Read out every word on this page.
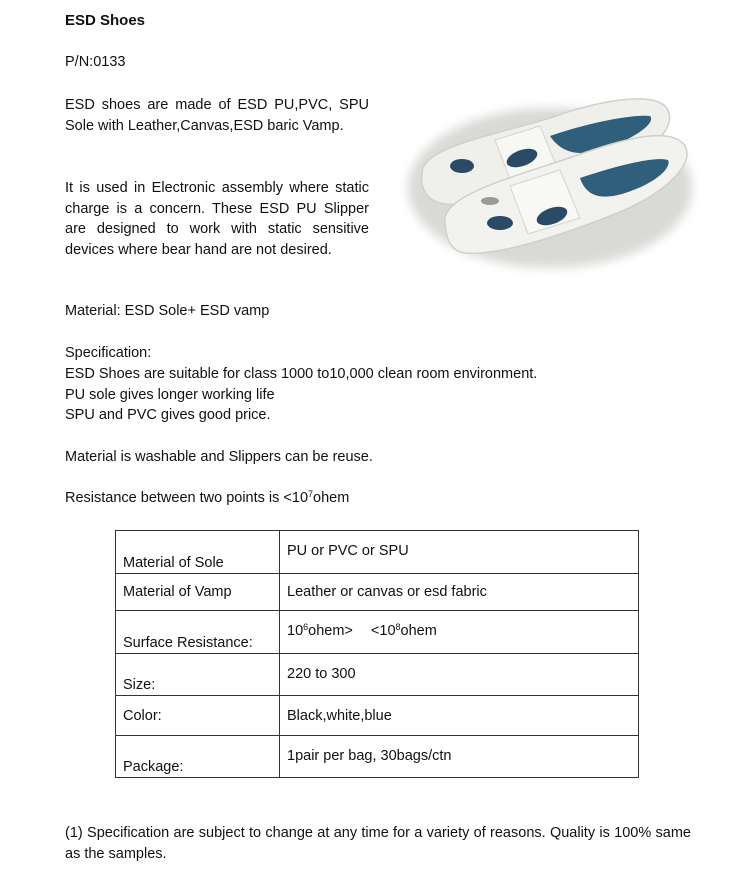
ESD Shoes
P/N:0133
ESD shoes are made of ESD PU,PVC, SPU Sole with Leather,Canvas,ESD baric Vamp.
It is used in Electronic assembly where static charge is a concern. These ESD PU Slipper are designed to work with static sensitive devices where bear hand are not desired.
Material: ESD Sole+ ESD vamp
Specification:
ESD Shoes are suitable for class 1000 to10,000 clean room environment.
PU sole gives longer working life
SPU and PVC gives good price.
Material is washable and Slippers can be reuse.
Resistance between two points is $<10^7ohem$
Material of Sole	PU or PVC or SPU
Material of Vamp	Leather or canvas or esd fabric
Surface Resistance:	$10^6ohem>$ $<10^8ohem$
Size:	220 to 300
Color:	Black,white,blue
Package:	1pair per bag, 30bags/ctn
(1) Specification are subject to change at any time for a variety of reasons. Quality is 100% same as the samples.
